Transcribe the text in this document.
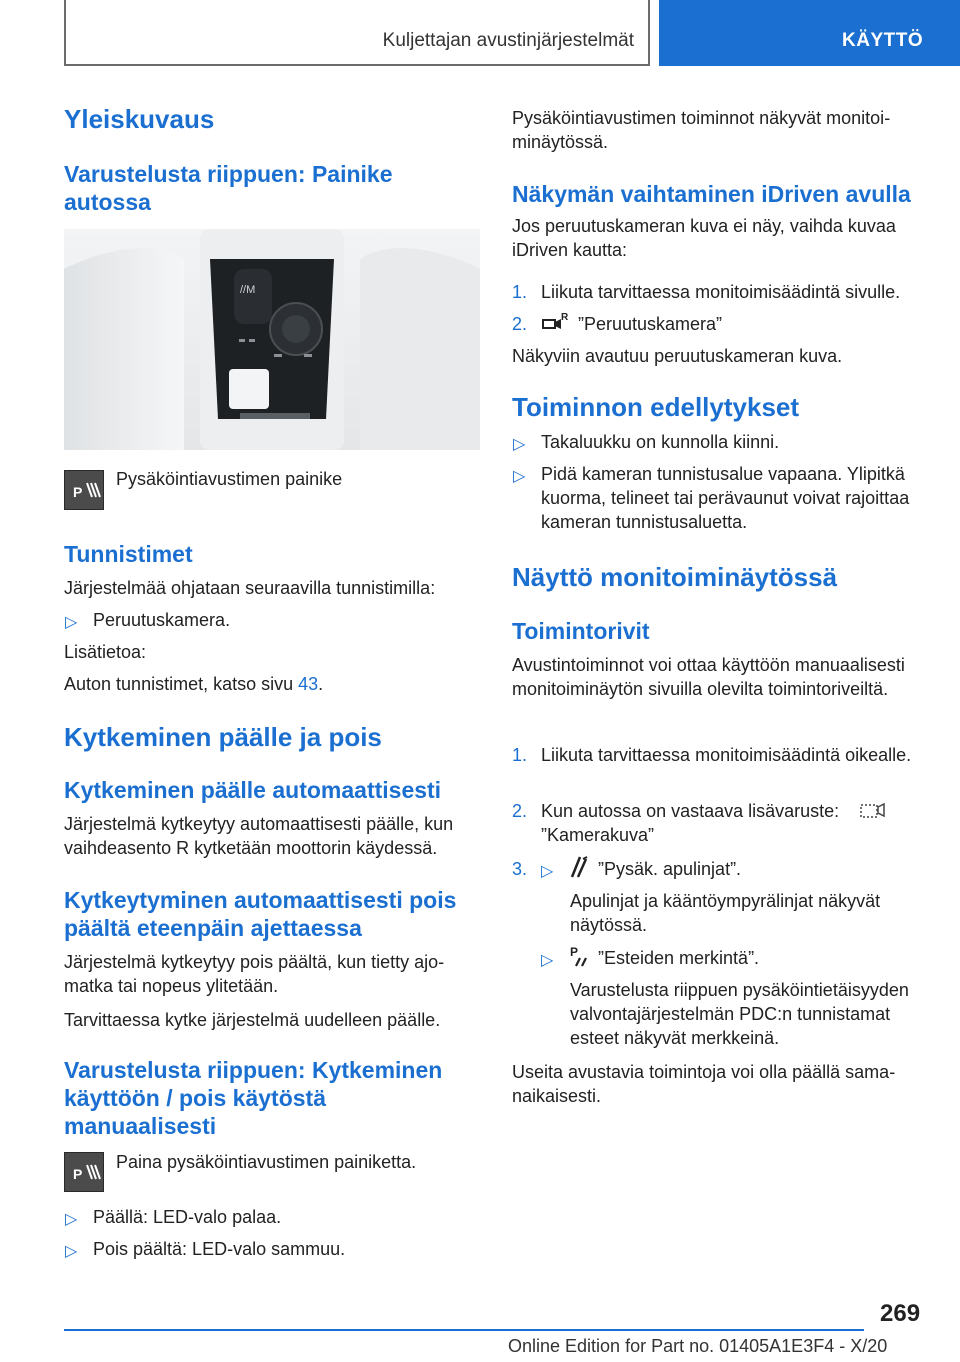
Kuljettajan avustinjärjestelmät	KÄYTTÖ
Yleiskuvaus
Varustelusta riippuen: Painike autossa
//M
P
Pysäköintiavustimen painike
Tunnistimet
Järjestelmää ohjataan seuraavilla tunnistimilla:
▷ Peruutuskamera.
Lisätietoa:
Auton tunnistimet, katso sivu 43.
Kytkeminen päälle ja pois
Kytkeminen päälle automaattisesti
Järjestelmä kytkeytyy automaattisesti päälle, kun vaihdeasento R kytketään moottorin käydessä.
Kytkeytyminen automaattisesti pois päältä eteenpäin ajettaessa
Järjestelmä kytkeytyy pois päältä, kun tietty ajomatka tai nopeus ylitetään.
Tarvittaessa kytke järjestelmä uudelleen päälle.
Varustelusta riippuen: Kytkeminen käyttöön / pois käytöstä manuaalisesti
P
Paina pysäköintiavustimen painiketta.
▷ Päällä: LED-valo palaa.
▷ Pois päältä: LED-valo sammuu.
Pysäköintiavustimen toiminnot näkyvät monitoiminäytössä.
Näkymän vaihtaminen iDriven avulla
Jos peruutuskameran kuva ei näy, vaihda kuvaa iDriven kautta:
1. Liikuta tarvittaessa monitoimisäädintä sivulle.
2.	R ”Peruutuskamera”
Näkyviin avautuu peruutuskameran kuva.
Toiminnon edellytykset
▷ Takaluukku on kunnolla kiinni.
▷ Pidä kameran tunnistusalue vapaana. Ylipitkä kuorma, telineet tai perävaunut voivat rajoittaa kameran tunnistusaluetta.
Näyttö monitoiminäytössä
Toimintorivit
Avustintoiminnot voi ottaa käyttöön manuaalisesti monitoiminäytön sivuilla olevilta toimintoriveiltä.
1. Liikuta tarvittaessa monitoimisäädintä oikealle.
2. Kun autossa on vastaava lisävaruste:
”Kamerakuva”
3. ▷ ”Pysäk. apulinjat”.
Apulinjat ja kääntöympyrälinjat näkyvät näytössä.
▷ P ”Esteiden merkintä”.
Varustelusta riippuen pysäköintietäisyyden valvontajärjestelmän PDC:n tunnistamat esteet näkyvät merkkeinä.
Useita avustavia toimintoja voi olla päällä samanaikaisesti.
269
Online Edition for Part no. 01405A1E3F4 - X/20
